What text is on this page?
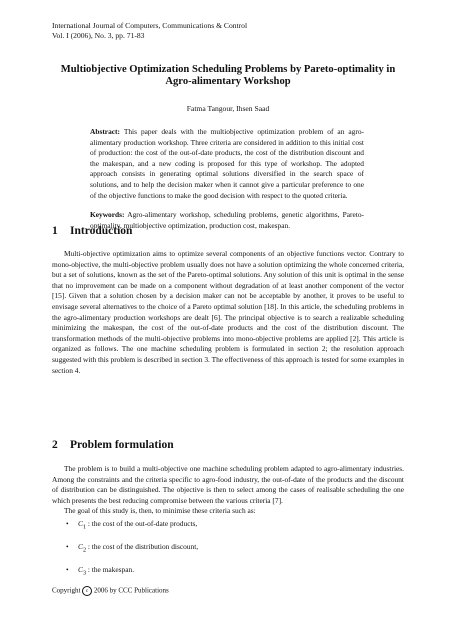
International Journal of Computers, Communications & Control
Vol. I (2006), No. 3, pp. 71-83
Multiobjective Optimization Scheduling Problems by Pareto-optimality in
Agro-alimentary Workshop
Fatma Tangour, Ihsen Saad

Abstract: This paper deals with the multiobjective optimization problem of an agro-alimentary production workshop. Three criteria are considered in addition to this initial cost of production: the cost of the out-of-date products, the cost of the distribution discount and the makespan, and a new coding is proposed for this type of workshop. The adopted approach consists in generating optimal solutions diversified in the search space of solutions, and to help the decision maker when it cannot give a particular preference to one of the objective functions to make the good decision with respect to the quoted criteria.

Keywords: Agro-alimentary workshop, scheduling problems, genetic algorithms, Pareto-optimality, multiobjective optimization, production cost, makespan.

1 Introduction

Multi-objective optimization aims to optimize several components of an objective functions vector. Contrary to mono-objective, the multi-objective problem usually does not have a solution optimizing the whole concerned criteria, but a set of solutions, known as the set of the Pareto-optimal solutions. Any solution of this unit is optimal in the sense that no improvement can be made on a component without degradation of at least another component of the vector [15]. Given that a solution chosen by a decision maker can not be acceptable by another, it proves to be useful to envisage several alternatives to the choice of a Pareto optimal solution [18]. In this article, the scheduling problems in the agro-alimentary production workshops are dealt [6]. The principal objective is to search a realizable scheduling minimizing the makespan, the cost of the out-of-date products and the cost of the distribution discount. The transformation methods of the multi-objective problems into mono-objective problems are applied [2]. This article is organized as follows. The one machine scheduling problem is formulated in section 2; the resolution approach suggested with this problem is described in section 3. The effectiveness of this approach is tested for some examples in section 4.

2 Problem formulation

The problem is to build a multi-objective one machine scheduling problem adapted to agro-alimentary industries. Among the constraints and the criteria specific to agro-food industry, the out-of-date of the products and the discount of distribution can be distinguished. The objective is then to select among the cases of realisable scheduling the one which presents the best reducing compromise between the various criteria [7].

The goal of this study is, then, to minimise these criteria such as:

• $C_1$ : the cost of the out-of-date products,
• $C_2$ : the cost of the distribution discount,
• $C_3$ : the makespan.
Copyright c 2006 by CCC Publications
